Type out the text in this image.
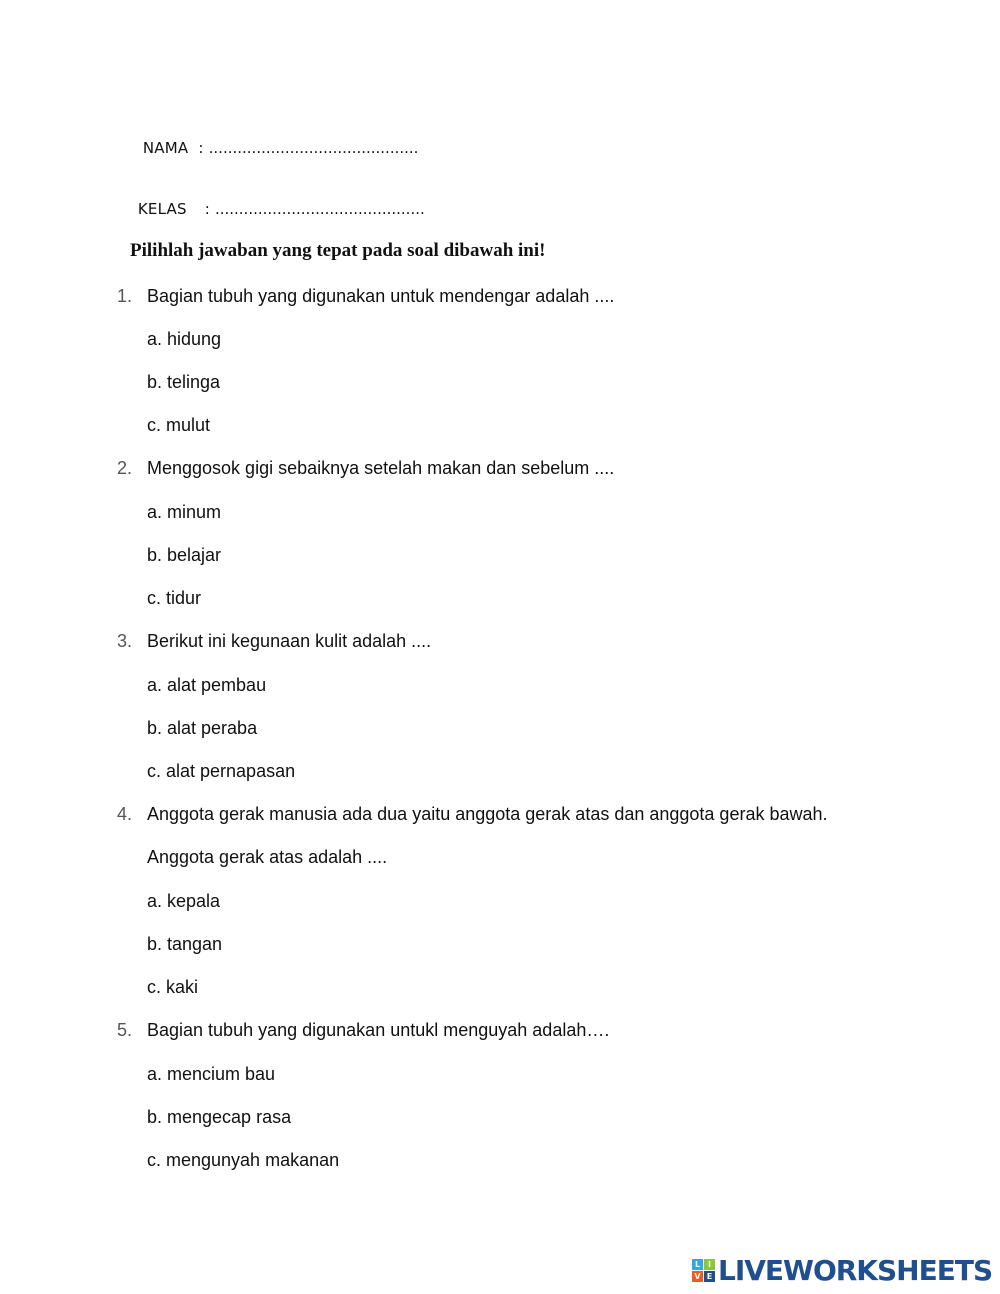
NAMA : ............................................

KELAS : ............................................

Pilihlah jawaban yang tepat pada soal dibawah ini!
1. Bagian tubuh yang digunakan untuk mendengar adalah ....
a. hidung
b. telinga
c. mulut
2. Menggosok gigi sebaiknya setelah makan dan sebelum ....
a. minum
b. belajar
c. tidur
3. Berikut ini kegunaan kulit adalah ....
a. alat pembau
b. alat peraba
c. alat pernapasan
4. Anggota gerak manusia ada dua yaitu anggota gerak atas dan anggota gerak bawah.
Anggota gerak atas adalah ....
a. kepala
b. tangan
c. kaki
5. Bagian tubuh yang digunakan untukl menguyah adalah….
a. mencium bau
b. mengecap rasa
c. mengunyah makanan
L I
V E LIVEWORKSHEETS
